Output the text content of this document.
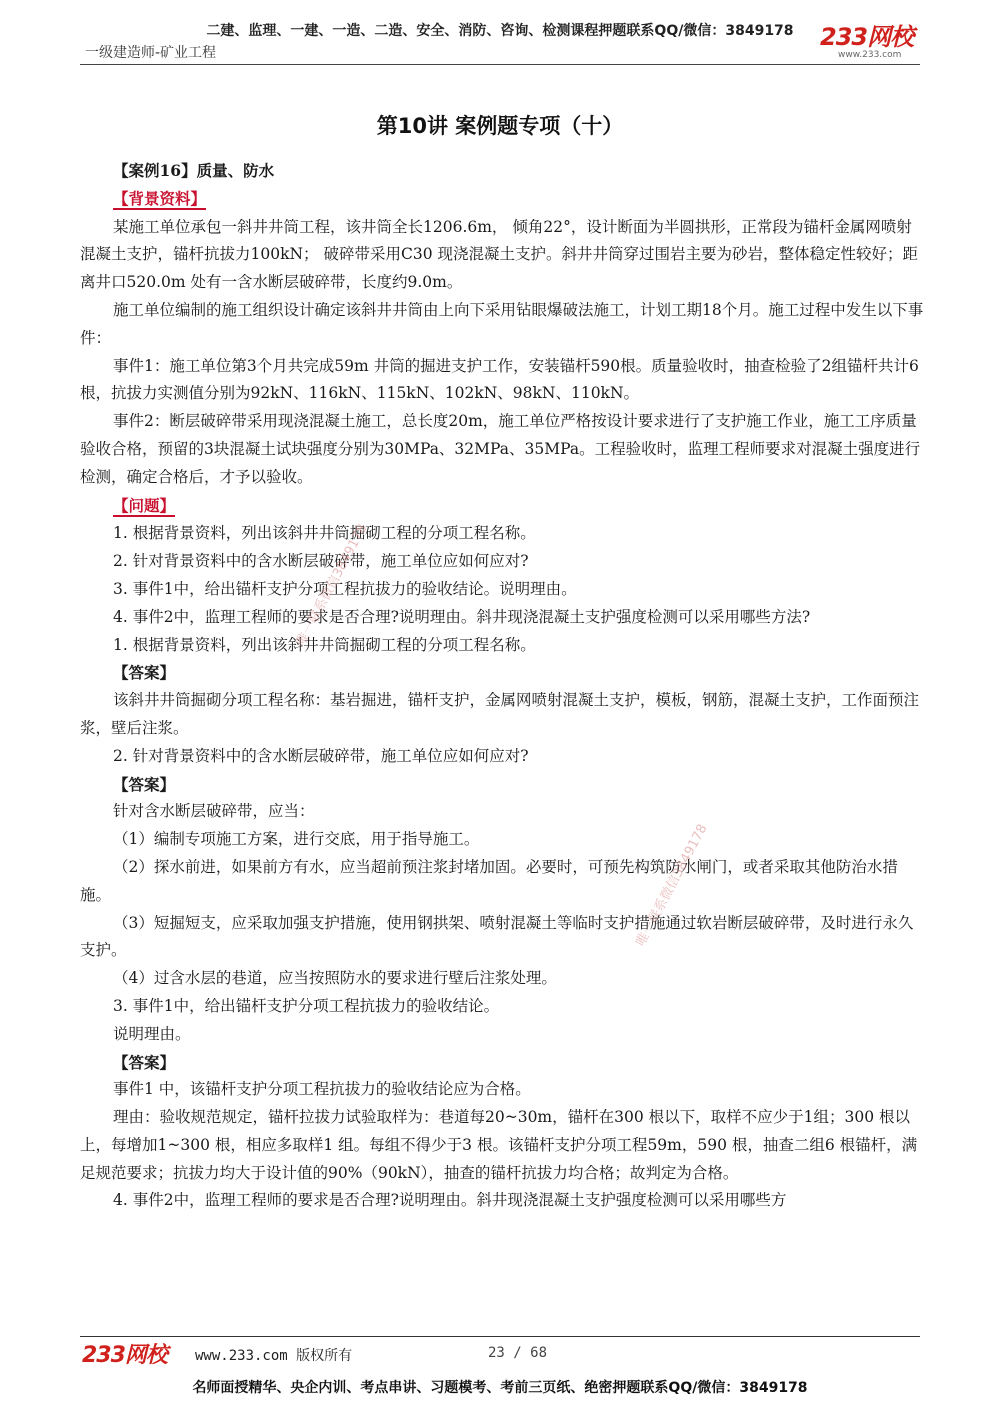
二建、监理、一建、一造、二造、安全、消防、咨询、检测课程押题联系QQ/微信：3849178
一级建造师-矿业工程
233网校
www.233.com
第10讲 案例题专项（十）

【案例16】质量、防水

【背景资料】

某施工单位承包一斜井井筒工程，该井筒全长1206.6m， 倾角22°，设计断面为半圆拱形，正常段为锚杆金属网喷射混凝土支护，锚杆抗拔力100kN； 破碎带采用C30 现浇混凝土支护。斜井井筒穿过围岩主要为砂岩，整体稳定性较好；距离井口520.0m 处有一含水断层破碎带，长度约9.0m。

施工单位编制的施工组织设计确定该斜井井筒由上向下采用钻眼爆破法施工，计划工期18个月。施工过程中发生以下事件：

事件1：施工单位第3个月共完成59m 井筒的掘进支护工作，安装锚杆590根。质量验收时，抽查检验了2组锚杆共计6根，抗拔力实测值分别为92kN、116kN、115kN、102kN、98kN、110kN。

事件2：断层破碎带采用现浇混凝土施工，总长度20m，施工单位严格按设计要求进行了支护施工作业，施工工序质量验收合格，预留的3块混凝土试块强度分别为30MPa、32MPa、35MPa。工程验收时，监理工程师要求对混凝土强度进行检测，确定合格后，才予以验收。

【问题】

1. 根据背景资料，列出该斜井井筒掘砌工程的分项工程名称。

2. 针对背景资料中的含水断层破碎带，施工单位应如何应对?

3. 事件1中，给出锚杆支护分项工程抗拔力的验收结论。说明理由。

4. 事件2中，监理工程师的要求是否合理?说明理由。斜井现浇混凝土支护强度检测可以采用哪些方法?

1. 根据背景资料，列出该斜井井筒掘砌工程的分项工程名称。

【答案】

该斜井井筒掘砌分项工程名称：基岩掘进，锚杆支护，金属网喷射混凝土支护，模板，钢筋，混凝土支护，工作面预注浆，壁后注浆。

2. 针对背景资料中的含水断层破碎带，施工单位应如何应对?

【答案】

针对含水断层破碎带，应当：

（1）编制专项施工方案，进行交底，用于指导施工。

（2）探水前进，如果前方有水，应当超前预注浆封堵加固。必要时，可预先构筑防水闸门，或者采取其他防治水措施。

（3）短掘短支，应采取加强支护措施，使用钢拱架、喷射混凝土等临时支护措施通过软岩断层破碎带，及时进行永久支护。

（4）过含水层的巷道，应当按照防水的要求进行壁后注浆处理。

3. 事件1中，给出锚杆支护分项工程抗拔力的验收结论。

说明理由。

【答案】

事件1 中，该锚杆支护分项工程抗拔力的验收结论应为合格。

理由：验收规范规定，锚杆拉拔力试验取样为：巷道每20~30m，锚杆在300 根以下，取样不应少于1组；300 根以上，每增加1~300 根，相应多取样1 组。每组不得少于3 根。该锚杆支护分项工程59m，590 根，抽查二组6 根锚杆，满足规范要求；抗拔力均大于设计值的90%（90kN），抽查的锚杆抗拔力均合格；故判定为合格。

4. 事件2中，监理工程师的要求是否合理?说明理由。斜井现浇混凝土支护强度检测可以采用哪些方

唯一联系微信3849178
唯一联系微信3849178
233网校 www.233.com 版权所有	23 / 68
名师面授精华、央企内训、考点串讲、习题模考、考前三页纸、绝密押题联系QQ/微信：3849178
